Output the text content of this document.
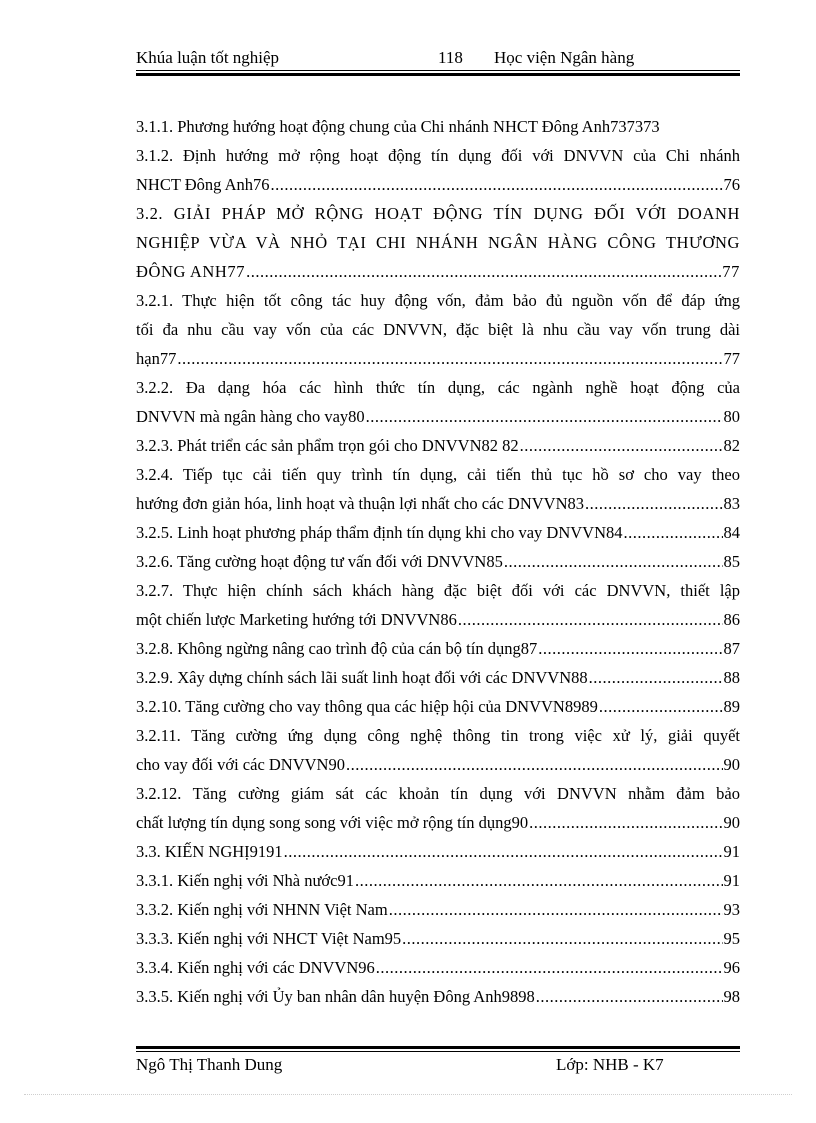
Khúa luận tốt nghiệp	118 Học viện Ngân hàng
3.1.1. Phương hướng hoạt động chung của Chi nhánh NHCT Đông Anh737373
3.1.2. Định hướng mở rộng hoạt động tín dụng đối với DNVVN của Chi nhánh
NHCT Đông Anh76 .....	76
3.2. GIẢI PHÁP MỞ RỘNG HOẠT ĐỘNG TÍN DỤNG ĐỐI VỚI DOANH
NGHIỆP VỪA VÀ NHỎ TẠI CHI NHÁNH NGÂN HÀNG CÔNG THƯƠNG
ĐÔNG ANH77 .....	77
3.2.1. Thực hiện tốt công tác huy động vốn, đảm bảo đủ nguồn vốn để đáp ứng
tối đa nhu cầu vay vốn của các DNVVN, đặc biệt là nhu cầu vay vốn trung dài
hạn77 .....	77
3.2.2. Đa dạng hóa các hình thức tín dụng, các ngành nghề hoạt động của
DNVVN mà ngân hàng cho vay80 .....	80
3.2.3. Phát triển các sản phẩm trọn gói cho DNVVN82 82 .....	82
3.2.4. Tiếp tục cải tiến quy trình tín dụng, cải tiến thủ tục hồ sơ cho vay theo
hướng đơn giản hóa, linh hoạt và thuận lợi nhất cho các DNVVN83 .....	83
3.2.5. Linh hoạt phương pháp thẩm định tín dụng khi cho vay DNVVN84 .....	84
3.2.6. Tăng cường hoạt động tư vấn đối với DNVVN85 .....	85
3.2.7. Thực hiện chính sách khách hàng đặc biệt đối với các DNVVN, thiết lập
một chiến lược Marketing hướng tới DNVVN86 .....	86
3.2.8. Không ngừng nâng cao trình độ của cán bộ tín dụng87 .....	87
3.2.9. Xây dựng chính sách lãi suất linh hoạt đối với các DNVVN88 .....	88
3.2.10. Tăng cường cho vay thông qua các hiệp hội của DNVVN8989 .....	89
3.2.11. Tăng cường ứng dụng công nghệ thông tin trong việc xử lý, giải quyết
cho vay đối với các DNVVN90 .....	90
3.2.12. Tăng cường giám sát các khoản tín dụng với DNVVN nhằm đảm bảo
chất lượng tín dụng song song với việc mở rộng tín dụng90 .....	90
3.3. KIẾN NGHỊ9191 .....	91
3.3.1. Kiến nghị với Nhà nước91 .....	91
3.3.2. Kiến nghị với NHNN Việt Nam .....	93
3.3.3. Kiến nghị với NHCT Việt Nam95 .....	95
3.3.4. Kiến nghị với các DNVVN96 .....	96
3.3.5. Kiến nghị với Ủy ban nhân dân huyện Đông Anh9898 .....	98
Ngô Thị Thanh Dung	Lớp: NHB - K7
